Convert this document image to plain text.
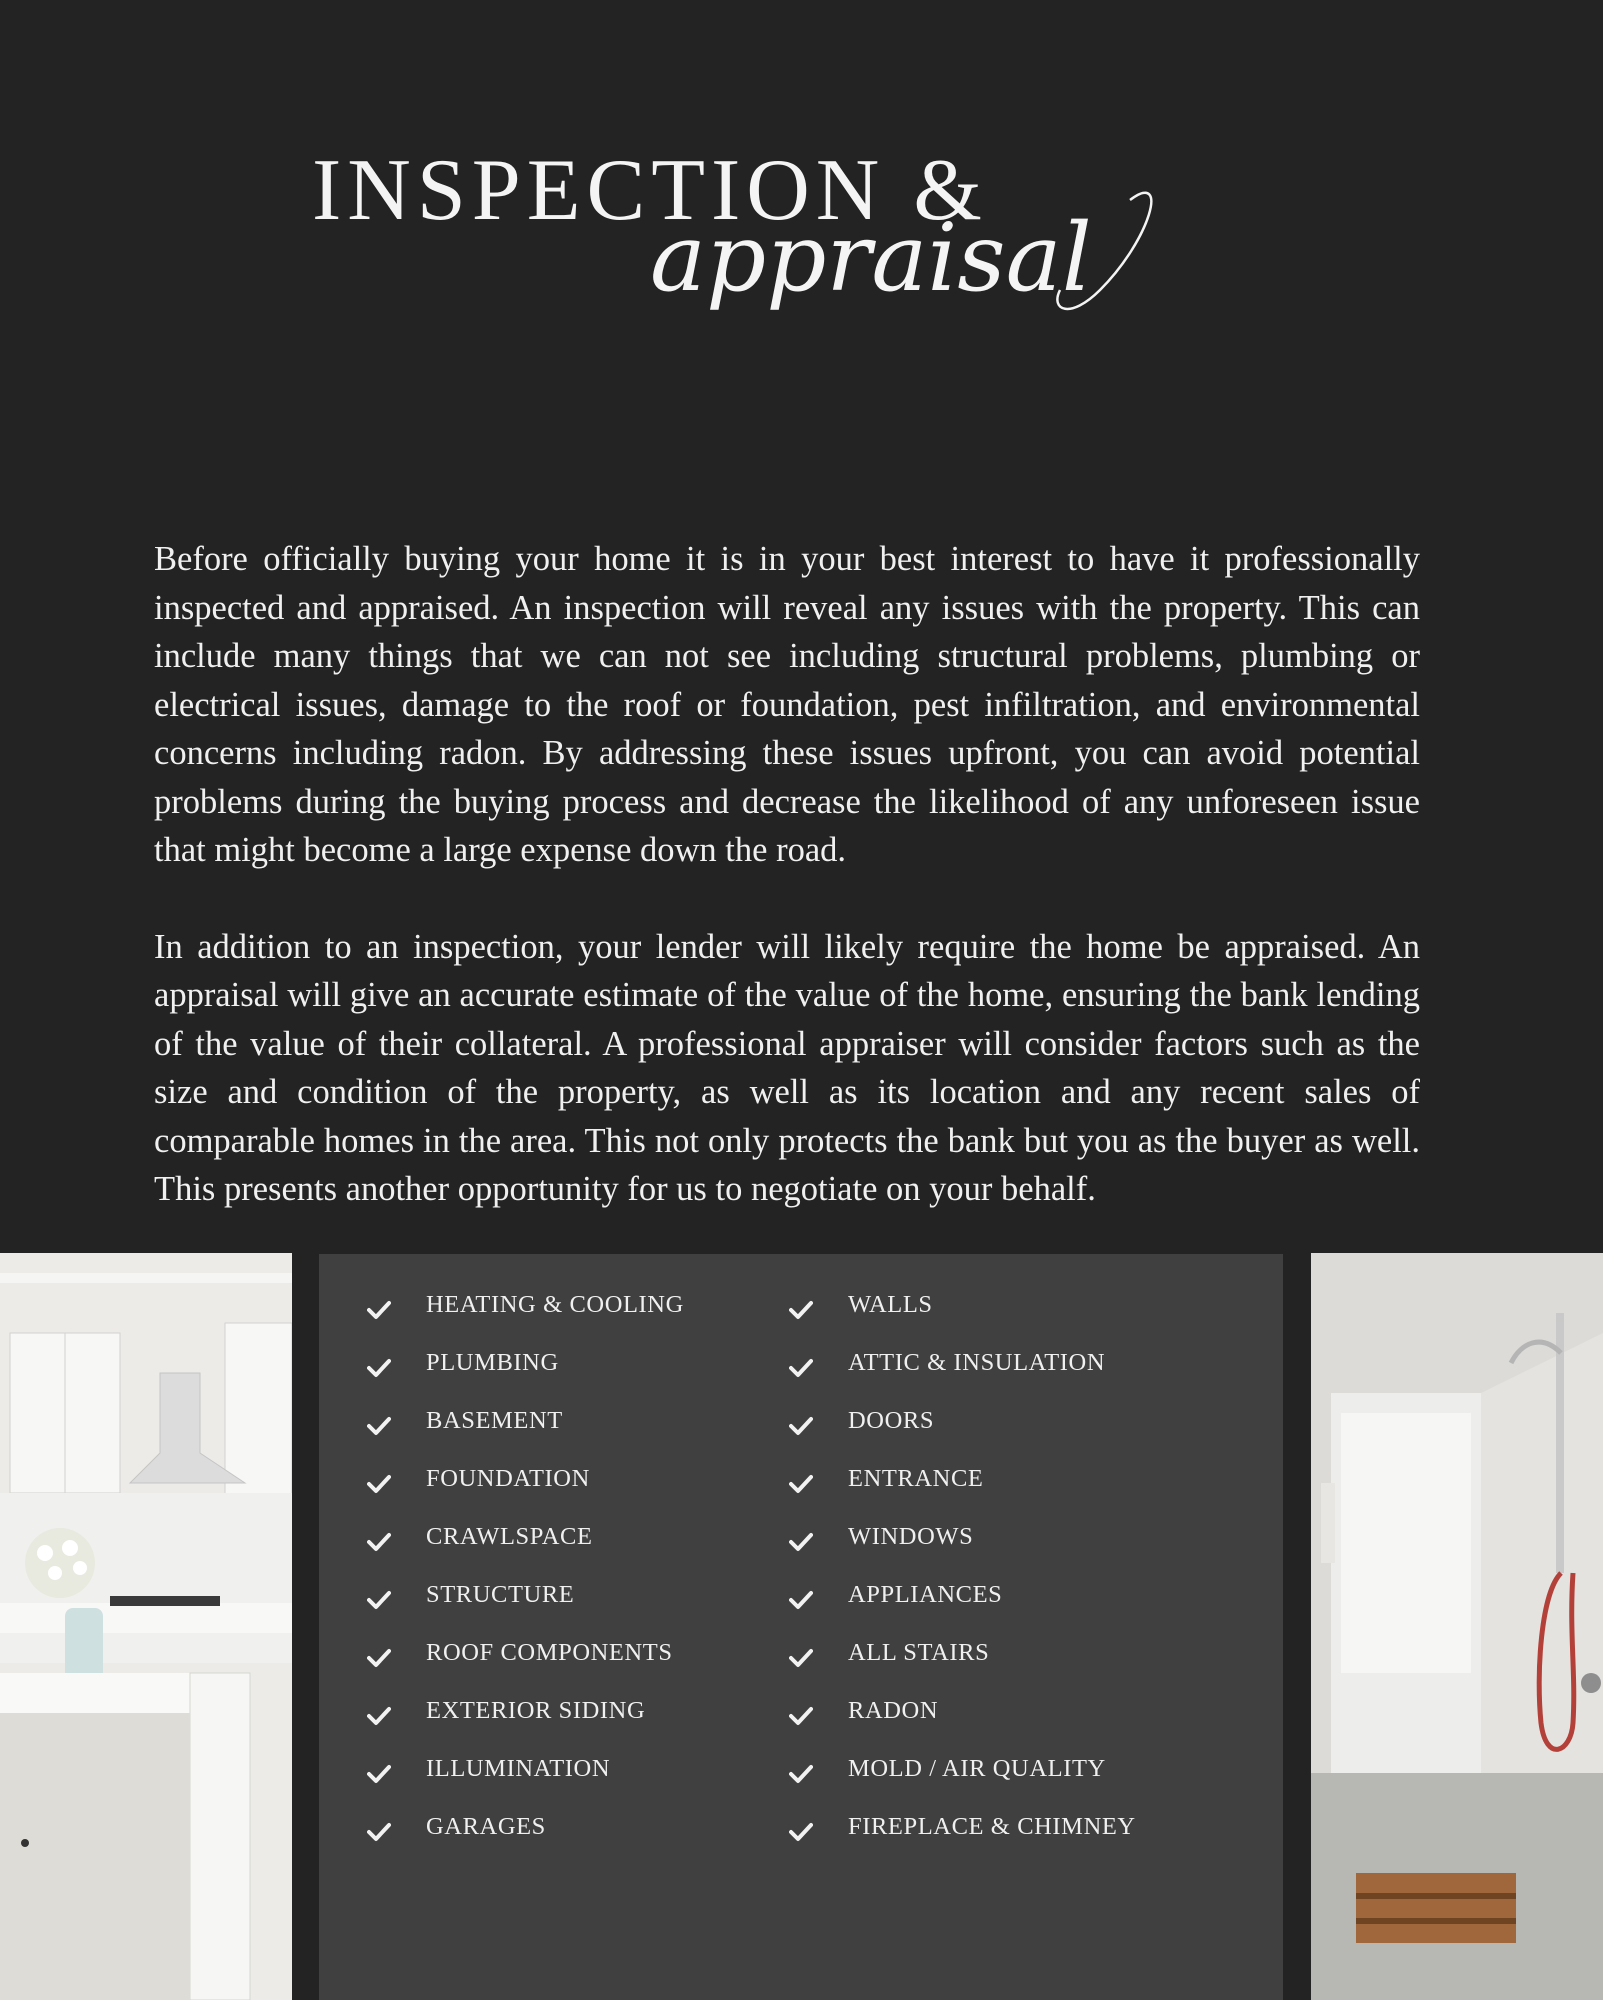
INSPECTION &
appraisal

Before officially buying your home it is in your best interest to have it professionally inspected and appraised. An inspection will reveal any issues with the property. This can include many things that we can not see including structural problems, plumbing or electrical issues, damage to the roof or foundation, pest infiltration, and environmental concerns including radon. By addressing these issues upfront, you can avoid potential problems during the buying process and decrease the likelihood of any unforeseen issue that might become a large expense down the road.

In addition to an inspection, your lender will likely require the home be appraised. An appraisal will give an accurate estimate of the value of the home, ensuring the bank lending of the value of their collateral. A professional appraiser will consider factors such as the size and condition of the property, as well as its location and any recent sales of comparable homes in the area. This not only protects the bank but you as the buyer as well. This presents another opportunity for us to negotiate on your behalf.

HEATING & COOLING
PLUMBING
BASEMENT
FOUNDATION
CRAWLSPACE
STRUCTURE
ROOF COMPONENTS
EXTERIOR SIDING
ILLUMINATION
GARAGES
WALLS
ATTIC & INSULATION
DOORS
ENTRANCE
WINDOWS
APPLIANCES
ALL STAIRS
RADON
MOLD / AIR QUALITY
FIREPLACE & CHIMNEY
